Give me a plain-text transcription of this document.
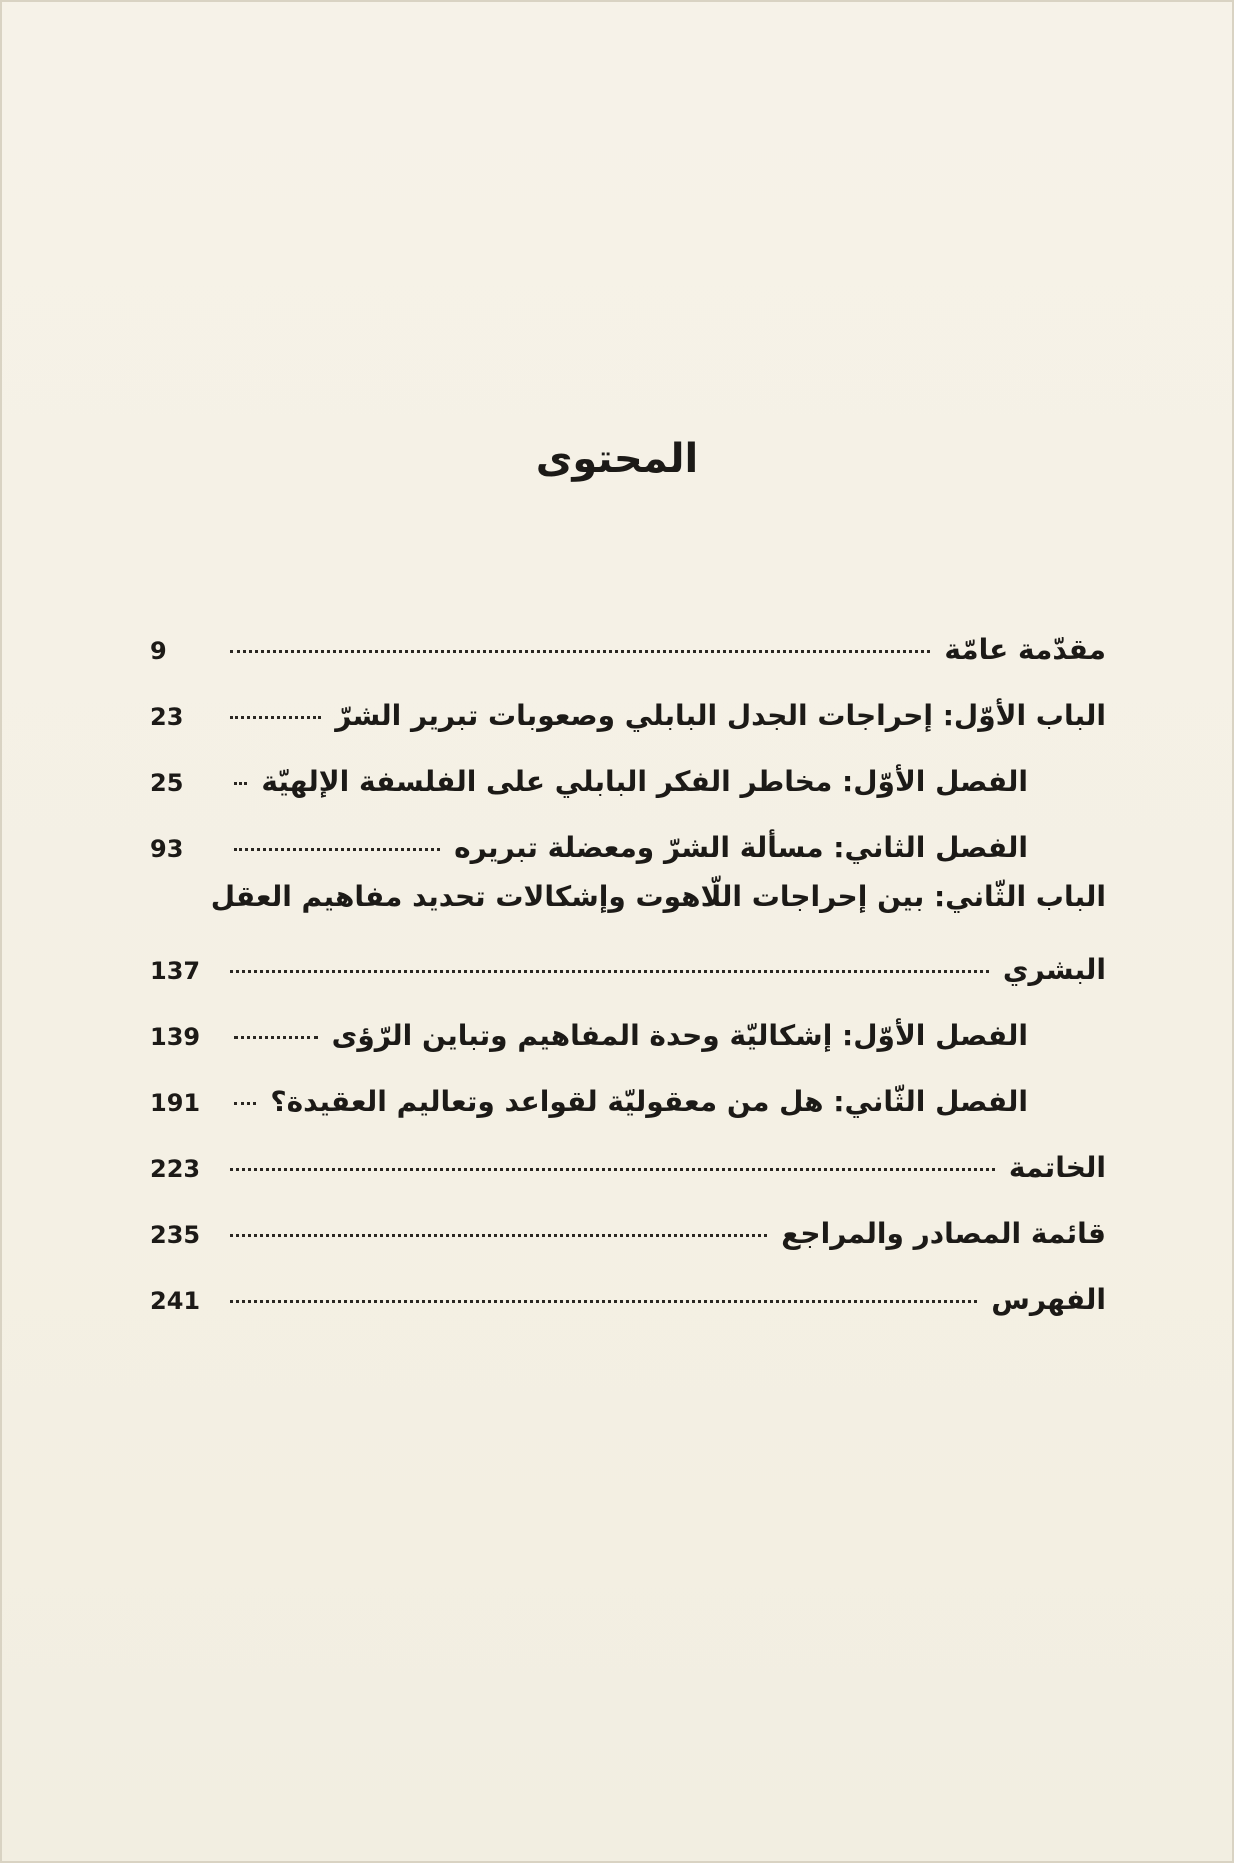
المحتوى
مقدّمة عامّة
9
الباب الأوّل: إحراجات الجدل البابلي وصعوبات تبرير الشرّ
23
الفصل الأوّل: مخاطر الفكر البابلي على الفلسفة الإلهيّة
25
الفصل الثاني: مسألة الشرّ ومعضلة تبريره
93
الباب الثّاني: بين إحراجات اللّاهوت وإشكالات تحديد مفاهيم العقل
البشري
137
الفصل الأوّل: إشكاليّة وحدة المفاهيم وتباين الرّؤى
139
الفصل الثّاني: هل من معقوليّة لقواعد وتعاليم العقيدة؟
191
الخاتمة
223
قائمة المصادر والمراجع
235
الفهرس
241
